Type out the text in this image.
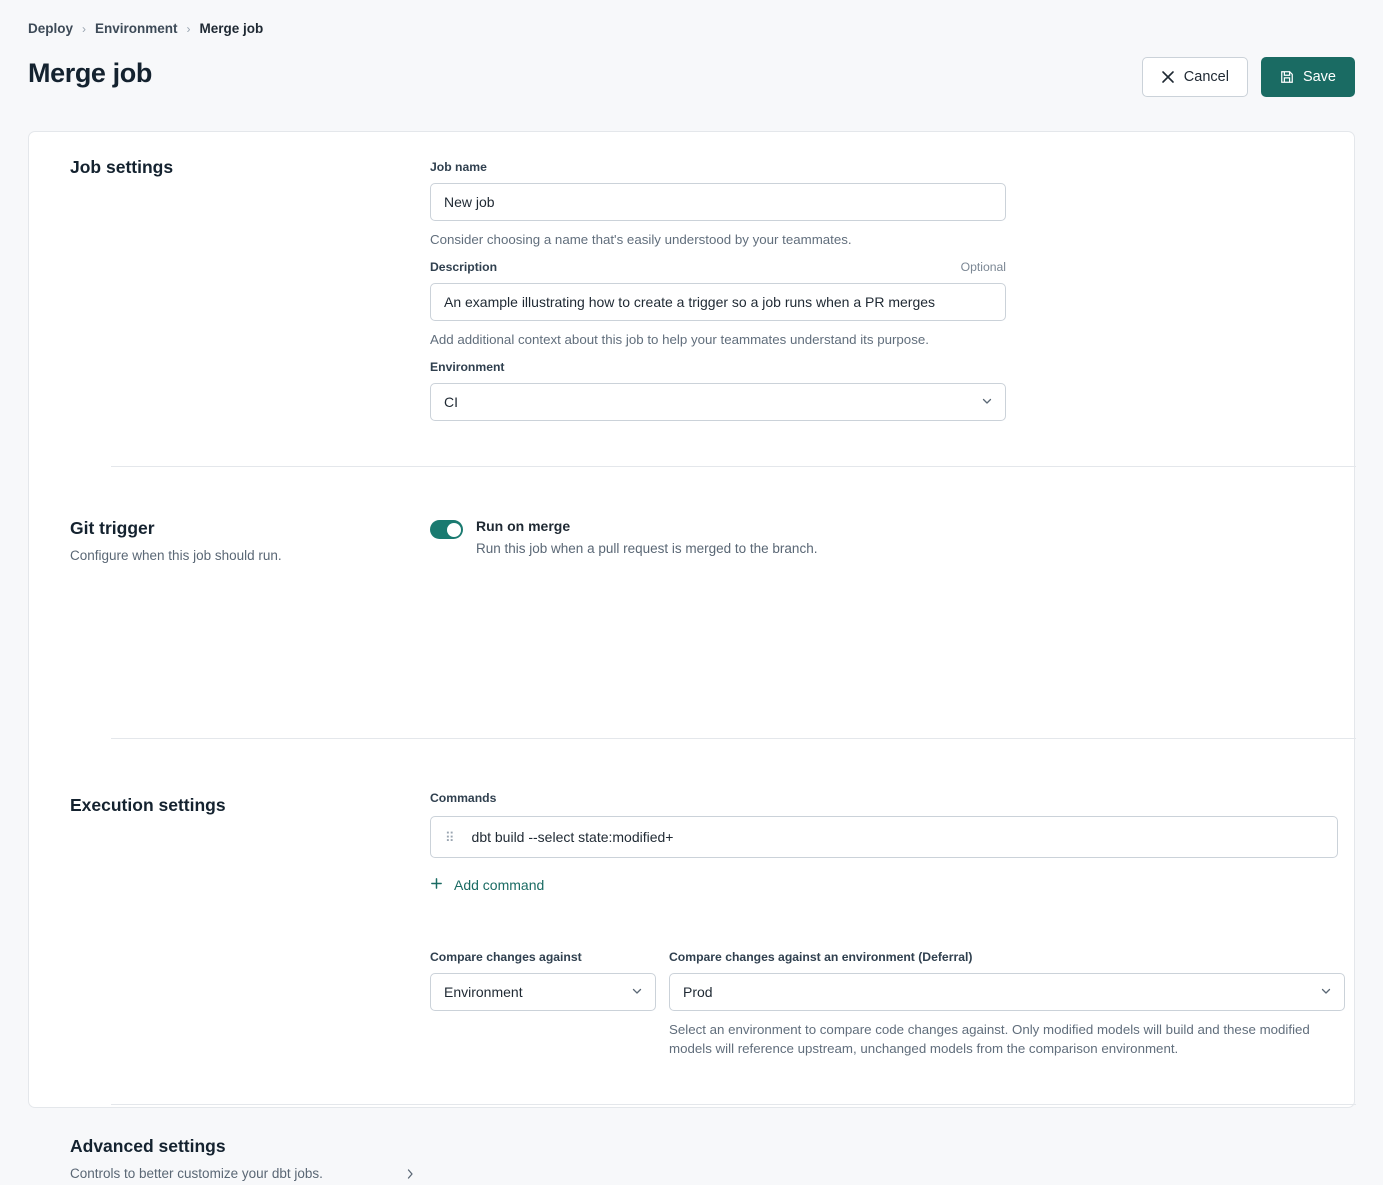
Deploy › Environment › Merge job
Merge job	Cancel	Save
Job settings	Job name
New job
Consider choosing a name that's easily understood by your teammates.
Description	Optional
An example illustrating how to create a trigger so a job runs when a PR merges
Add additional context about this job to help your teammates understand its purpose.
Environment
CI
Git trigger
Configure when this job should run.
Run on merge
Run this job when a pull request is merged to the branch.
Execution settings	Commands
⠿ dbt build --select state:modified+
Add command
Compare changes against
Environment
Compare changes against an environment (Deferral)
Prod
Select an environment to compare code changes against. Only modified models will build and these modified models will reference upstream, unchanged models from the comparison environment.
Advanced settings
Controls to better customize your dbt jobs.
